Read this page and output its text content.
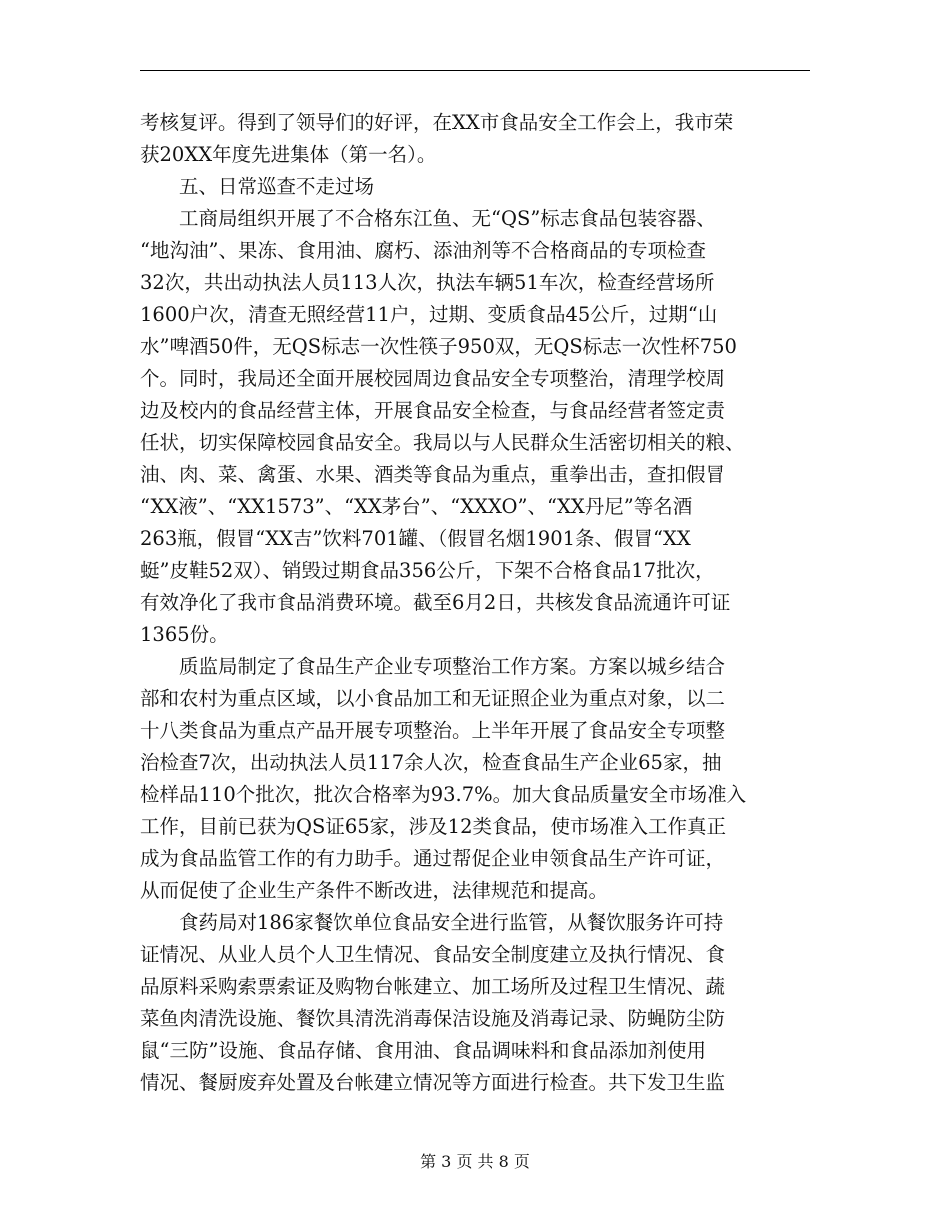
考核复评。得到了领导们的好评，在XX市食品安全工作会上，我市荣
获20XX年度先进集体（第一名）。
　　五、日常巡查不走过场
　　工商局组织开展了不合格东江鱼、无“QS”标志食品包装容器、
“地沟油”、果冻、食用油、腐朽、添油剂等不合格商品的专项检查
32次，共出动执法人员113人次，执法车辆51车次，检查经营场所
1600户次，清查无照经营11户，过期、变质食品45公斤，过期“山
水”啤酒50件，无QS标志一次性筷子950双，无QS标志一次性杯750
个。同时，我局还全面开展校园周边食品安全专项整治，清理学校周
边及校内的食品经营主体，开展食品安全检查，与食品经营者签定责
任状，切实保障校园食品安全。我局以与人民群众生活密切相关的粮、
油、肉、菜、禽蛋、水果、酒类等食品为重点，重拳出击，查扣假冒
“XX液”、“XX1573”、“XX茅台”、“XXXO”、“XX丹尼”等名酒
263瓶，假冒“XX吉”饮料701罐、（假冒名烟1901条、假冒“XX
蜓”皮鞋52双）、销毁过期食品356公斤，下架不合格食品17批次，
有效净化了我市食品消费环境。截至6月2日，共核发食品流通许可证
1365份。
　　质监局制定了食品生产企业专项整治工作方案。方案以城乡结合
部和农村为重点区域，以小食品加工和无证照企业为重点对象，以二
十八类食品为重点产品开展专项整治。上半年开展了食品安全专项整
治检查7次，出动执法人员117余人次，检查食品生产企业65家，抽
检样品110个批次，批次合格率为93.7%。加大食品质量安全市场准入
工作，目前已获为QS证65家，涉及12类食品，使市场准入工作真正
成为食品监管工作的有力助手。通过帮促企业申领食品生产许可证，
从而促使了企业生产条件不断改进，法律规范和提高。
　　食药局对186家餐饮单位食品安全进行监管，从餐饮服务许可持
证情况、从业人员个人卫生情况、食品安全制度建立及执行情况、食
品原料采购索票索证及购物台帐建立、加工场所及过程卫生情况、蔬
菜鱼肉清洗设施、餐饮具清洗消毒保洁设施及消毒记录、防蝇防尘防
鼠“三防”设施、食品存储、食用油、食品调味料和食品添加剂使用
情况、餐厨废弃处置及台帐建立情况等方面进行检查。共下发卫生监
第 3 页 共 8 页
